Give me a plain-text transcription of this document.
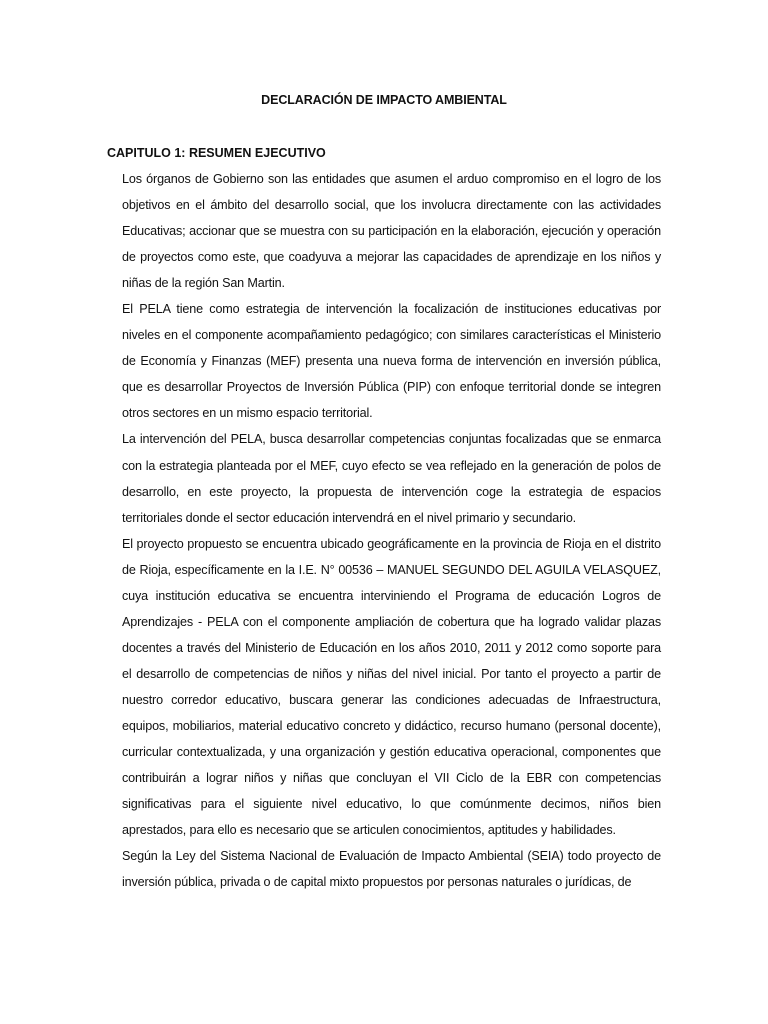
DECLARACIÓN DE IMPACTO AMBIENTAL
CAPITULO 1: RESUMEN EJECUTIVO

Los órganos de Gobierno son las entidades que asumen el arduo compromiso en el logro de los objetivos en el ámbito del desarrollo social, que los involucra directamente con las actividades Educativas; accionar que se muestra con su participación en la elaboración, ejecución y operación de proyectos como este, que coadyuva a mejorar las capacidades de aprendizaje en los niños y niñas de la región San Martin.

El PELA tiene como estrategia de intervención la focalización de instituciones educativas por niveles en el componente acompañamiento pedagógico; con similares características el Ministerio de Economía y Finanzas (MEF) presenta una nueva forma de intervención en inversión pública, que es desarrollar Proyectos de Inversión Pública (PIP) con enfoque territorial donde se integren otros sectores en un mismo espacio territorial.

La intervención del PELA, busca desarrollar competencias conjuntas focalizadas que se enmarca con la estrategia planteada por el MEF, cuyo efecto se vea reflejado en la generación de polos de desarrollo, en este proyecto, la propuesta de intervención coge la estrategia de espacios territoriales donde el sector educación intervendrá en el nivel primario y secundario.

El proyecto propuesto se encuentra ubicado geográficamente en la provincia de Rioja en el distrito de Rioja, específicamente en la I.E. N° 00536 – MANUEL SEGUNDO DEL AGUILA VELASQUEZ, cuya institución educativa se encuentra interviniendo el Programa de educación Logros de Aprendizajes - PELA con el componente ampliación de cobertura que ha logrado validar plazas docentes a través del Ministerio de Educación en los años 2010, 2011 y 2012 como soporte para el desarrollo de competencias de niños y niñas del nivel inicial. Por tanto el proyecto a partir de nuestro corredor educativo, buscara generar las condiciones adecuadas de Infraestructura, equipos, mobiliarios, material educativo concreto y didáctico, recurso humano (personal docente), curricular contextualizada, y una organización y gestión educativa operacional, componentes que contribuirán a lograr niños y niñas que concluyan el VII Ciclo de la EBR con competencias significativas para el siguiente nivel educativo, lo que comúnmente decimos, niños bien aprestados, para ello es necesario que se articulen conocimientos, aptitudes y habilidades.

Según la Ley del Sistema Nacional de Evaluación de Impacto Ambiental (SEIA) todo proyecto de inversión pública, privada o de capital mixto propuestos por personas naturales o jurídicas, de
